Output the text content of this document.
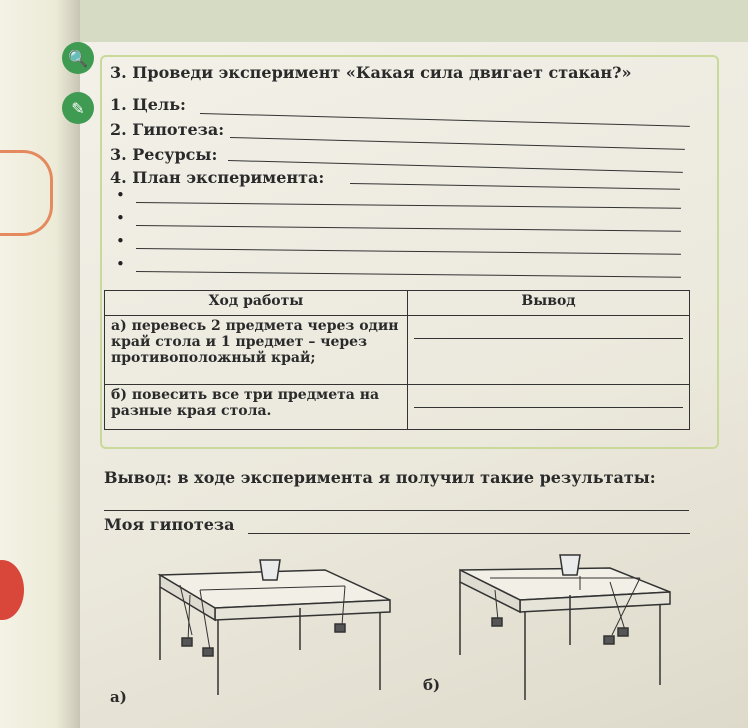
🔍
✎
3. Проведи эксперимент «Какая сила двигает стакан?»
1. Цель:
2. Гипотеза:
3. Ресурсы:
4. План эксперимента:
•
•
•
•
Ход работы	Вывод
а) перевесь 2 предмета через один край стола и 1 предмет – через противоположный край;	

б) повесить все три предмета на разные края стола.	
Вывод: в ходе эксперимента я получил такие результаты:
Моя гипотеза
а)
б)
